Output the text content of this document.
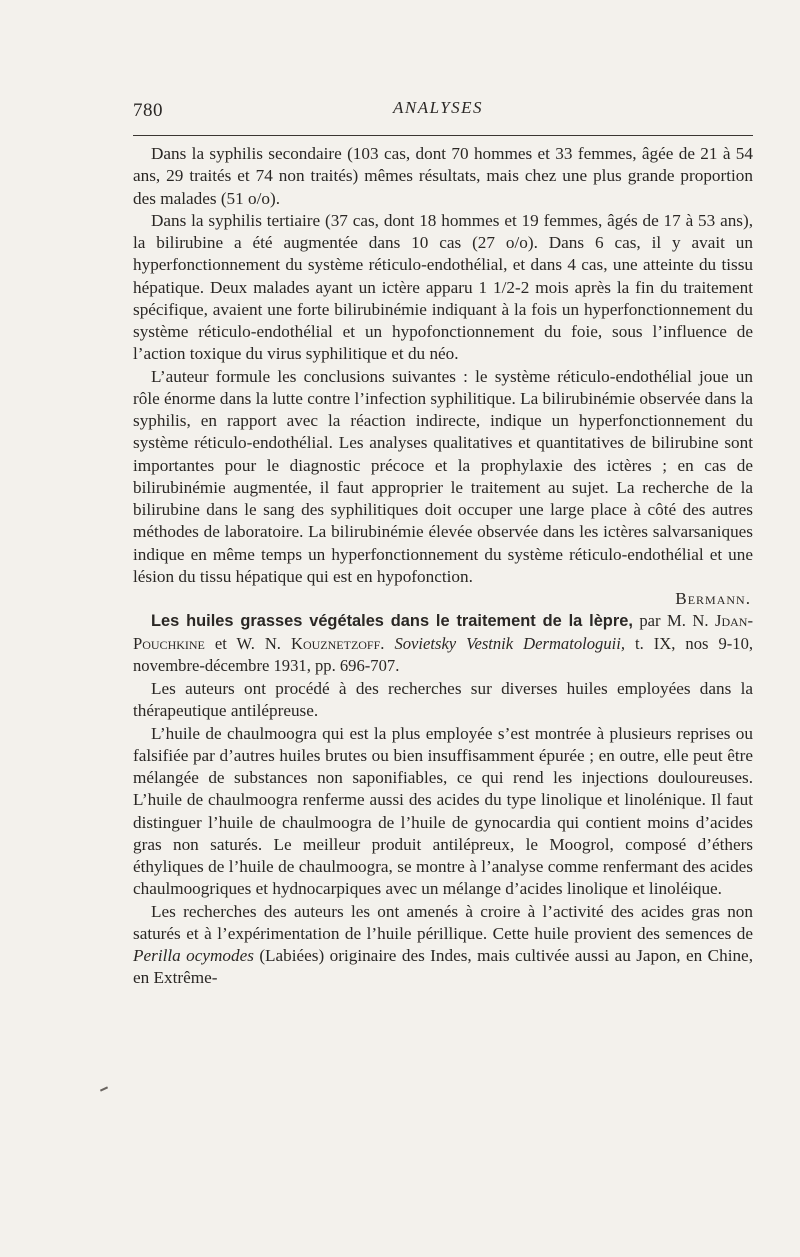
780	ANALYSES

Dans la syphilis secondaire (103 cas, dont 70 hommes et 33 femmes, âgée de 21 à 54 ans, 29 traités et 74 non traités) mêmes résultats, mais chez une plus grande proportion des malades (51 o/o).

Dans la syphilis tertiaire (37 cas, dont 18 hommes et 19 femmes, âgés de 17 à 53 ans), la bilirubine a été augmentée dans 10 cas (27 o/o). Dans 6 cas, il y avait un hyperfonctionnement du système réticulo-endothélial, et dans 4 cas, une atteinte du tissu hépatique. Deux malades ayant un ictère apparu 1 1/2-2 mois après la fin du traitement spécifique, avaient une forte bilirubinémie indiquant à la fois un hyperfonctionnement du système réticulo-endothélial et un hypofonctionnement du foie, sous l’influence de l’action toxique du virus syphilitique et du néo.

L’auteur formule les conclusions suivantes : le système réticulo-endothélial joue un rôle énorme dans la lutte contre l’infection syphilitique. La bilirubinémie observée dans la syphilis, en rapport avec la réaction indirecte, indique un hyperfonctionnement du système réticulo-endothélial. Les analyses qualitatives et quantitatives de bilirubine sont importantes pour le diagnostic précoce et la prophylaxie des ictères ; en cas de bilirubinémie augmentée, il faut approprier le traitement au sujet. La recherche de la bilirubine dans le sang des syphilitiques doit occuper une large place à côté des autres méthodes de laboratoire. La bilirubinémie élevée observée dans les ictères salvarsaniques indique en même temps un hyperfonctionnement du système réticulo-endothélial et une lésion du tissu hépatique qui est en hypofonction.

Bermann.

Les huiles grasses végétales dans le traitement de la lèpre, par M. N. Jdan-Pouchkine et W. N. Kouznetzoff. Sovietsky Vestnik Dermatologuii, t. IX, nos 9-10, novembre-décembre 1931, pp. 696-707.

Les auteurs ont procédé à des recherches sur diverses huiles employées dans la thérapeutique antilépreuse.

L’huile de chaulmoogra qui est la plus employée s’est montrée à plusieurs reprises ou falsifiée par d’autres huiles brutes ou bien insuffisamment épurée ; en outre, elle peut être mélangée de substances non saponifiables, ce qui rend les injections douloureuses. L’huile de chaulmoogra renferme aussi des acides du type linolique et linolénique. Il faut distinguer l’huile de chaulmoogra de l’huile de gynocardia qui contient moins d’acides gras non saturés. Le meilleur produit antilépreux, le Moogrol, composé d’éthers éthyliques de l’huile de chaulmoogra, se montre à l’analyse comme renfermant des acides chaulmoogriques et hydnocarpiques avec un mélange d’acides linolique et linoléique.

Les recherches des auteurs les ont amenés à croire à l’activité des acides gras non saturés et à l’expérimentation de l’huile périllique. Cette huile provient des semences de Perilla ocymodes (Labiées) originaire des Indes, mais cultivée aussi au Japon, en Chine, en Extrême-
